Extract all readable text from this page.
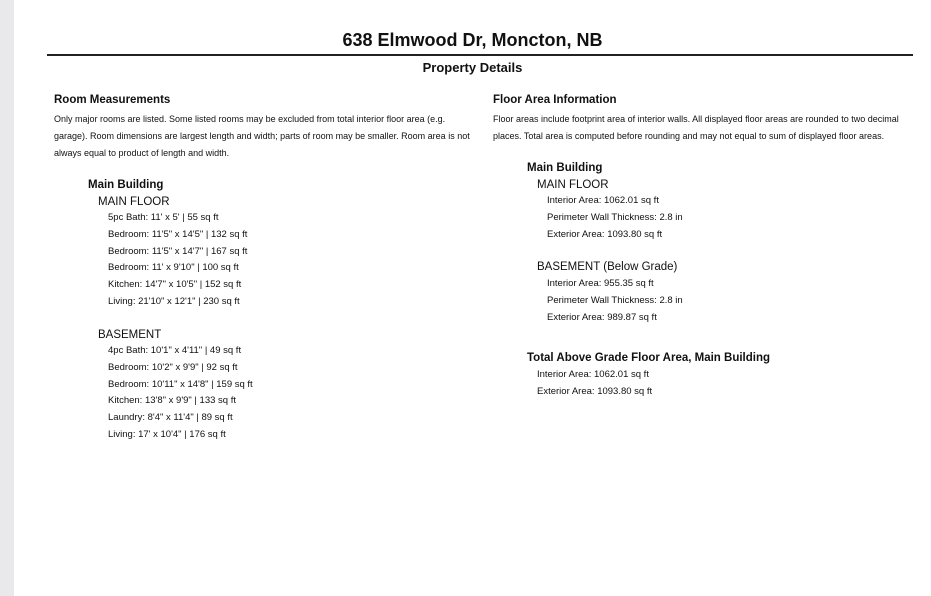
638 Elmwood Dr, Moncton, NB
Property Details
Room Measurements

Only major rooms are listed. Some listed rooms may be excluded from total interior floor area (e.g. garage). Room dimensions are largest length and width; parts of room may be smaller. Room area is not always equal to product of length and width.

Main Building
MAIN FLOOR
5pc Bath: 11' x 5' | 55 sq ft
Bedroom: 11'5" x 14'5" | 132 sq ft
Bedroom: 11'5" x 14'7" | 167 sq ft
Bedroom: 11' x 9'10" | 100 sq ft
Kitchen: 14'7" x 10'5" | 152 sq ft
Living: 21'10" x 12'1" | 230 sq ft
BASEMENT
4pc Bath: 10'1" x 4'11" | 49 sq ft
Bedroom: 10'2" x 9'9" | 92 sq ft
Bedroom: 10'11" x 14'8" | 159 sq ft
Kitchen: 13'8" x 9'9" | 133 sq ft
Laundry: 8'4" x 11'4" | 89 sq ft
Living: 17' x 10'4" | 176 sq ft
Floor Area Information

Floor areas include footprint area of interior walls. All displayed floor areas are rounded to two decimal places. Total area is computed before rounding and may not equal to sum of displayed floor areas.

Main Building
MAIN FLOOR
Interior Area: 1062.01 sq ft
Perimeter Wall Thickness: 2.8 in
Exterior Area: 1093.80 sq ft
BASEMENT (Below Grade)
Interior Area: 955.35 sq ft
Perimeter Wall Thickness: 2.8 in
Exterior Area: 989.87 sq ft
Total Above Grade Floor Area, Main Building
Interior Area: 1062.01 sq ft
Exterior Area: 1093.80 sq ft
